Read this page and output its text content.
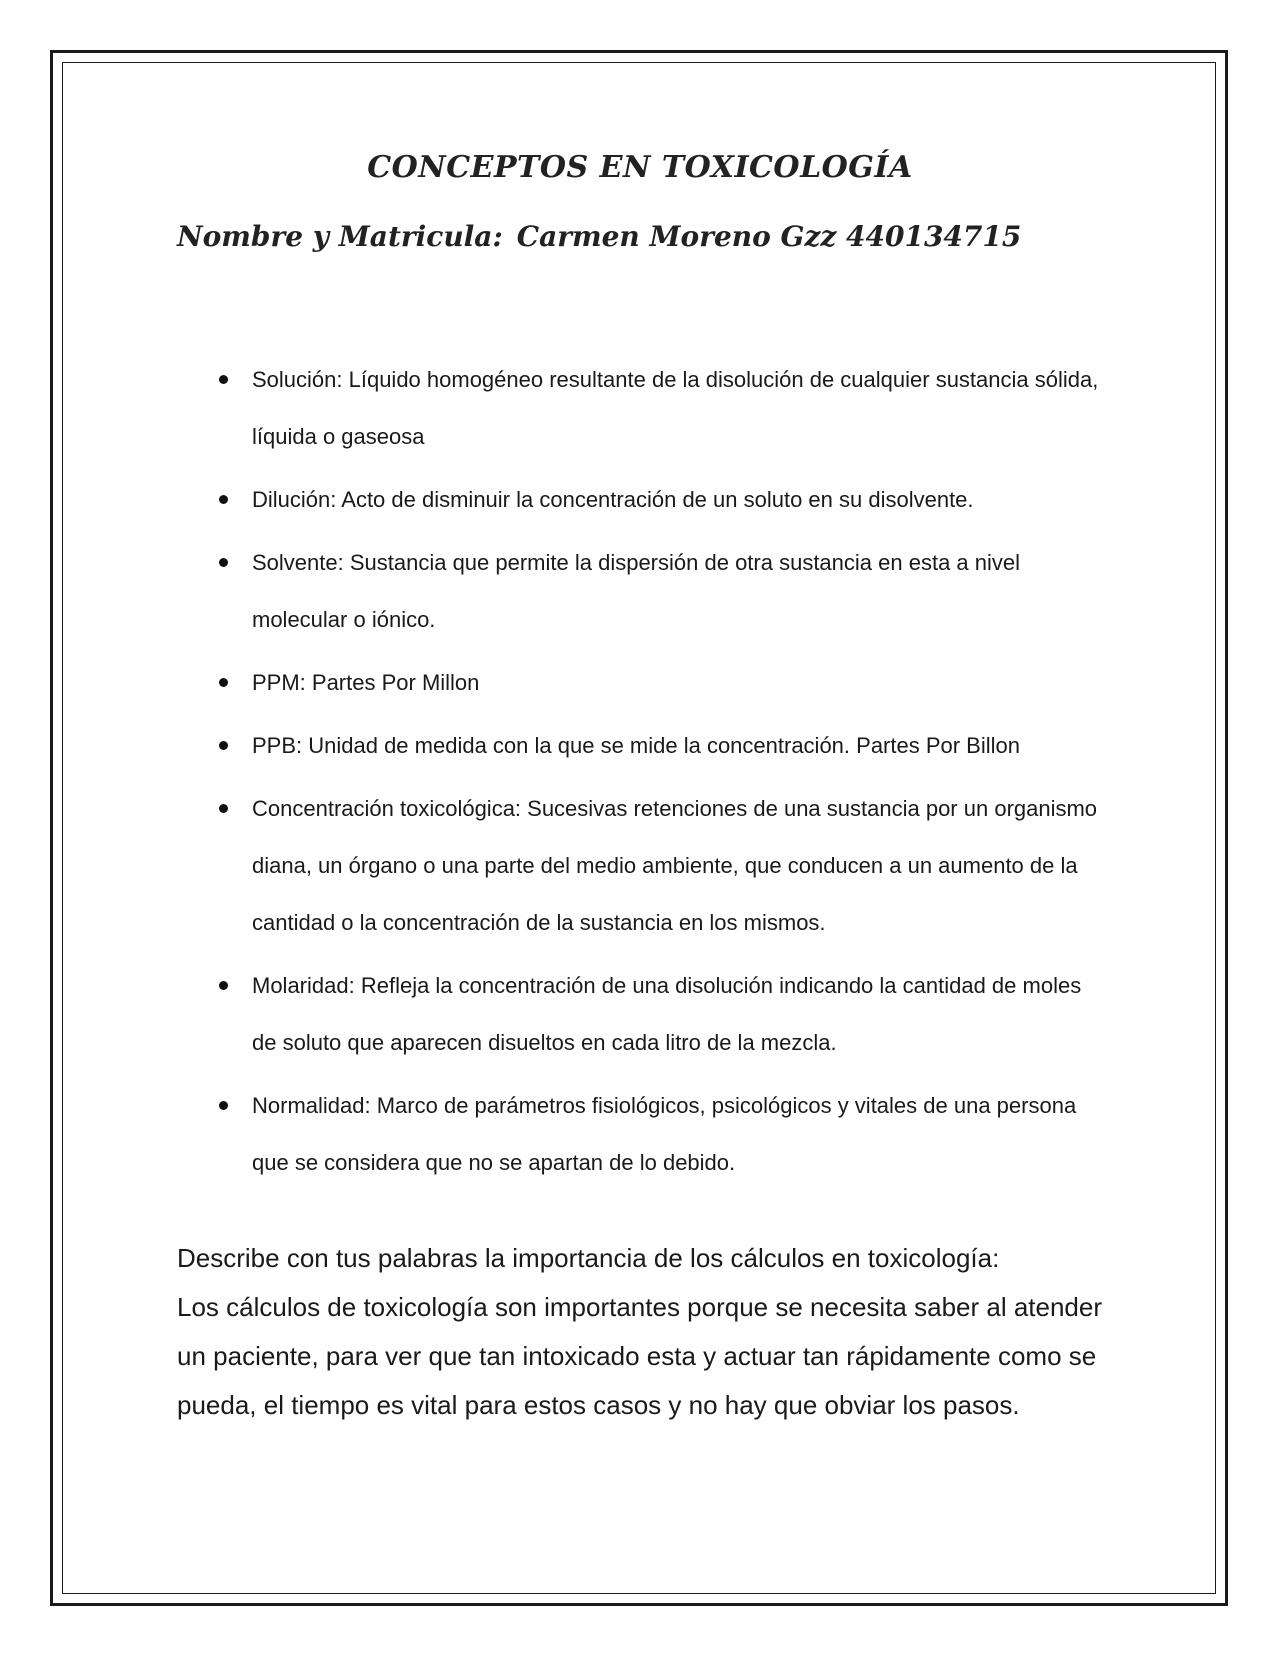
CONCEPTOS EN TOXICOLOGÍA
Nombre y Matricula: Carmen Moreno Gzz 440134715
Solución: Líquido homogéneo resultante de la disolución de cualquier sustancia sólida, líquida o gaseosa
Dilución: Acto de disminuir la concentración de un soluto en su disolvente.
Solvente: Sustancia que permite la dispersión de otra sustancia en esta a nivel molecular o iónico.
PPM: Partes Por Millon
PPB: Unidad de medida con la que se mide la concentración. Partes Por Billon
Concentración toxicológica: Sucesivas retenciones de una sustancia por un organismo diana, un órgano o una parte del medio ambiente, que conducen a un aumento de la cantidad o la concentración de la sustancia en los mismos.
Molaridad: Refleja la concentración de una disolución indicando la cantidad de moles de soluto que aparecen disueltos en cada litro de la mezcla.
Normalidad: Marco de parámetros fisiológicos, psicológicos y vitales de una persona que se considera que no se apartan de lo debido.

Describe con tus palabras la importancia de los cálculos en toxicología:

Los cálculos de toxicología son importantes porque se necesita saber al atender un paciente, para ver que tan intoxicado esta y actuar tan rápidamente como se pueda, el tiempo es vital para estos casos y no hay que obviar los pasos.
